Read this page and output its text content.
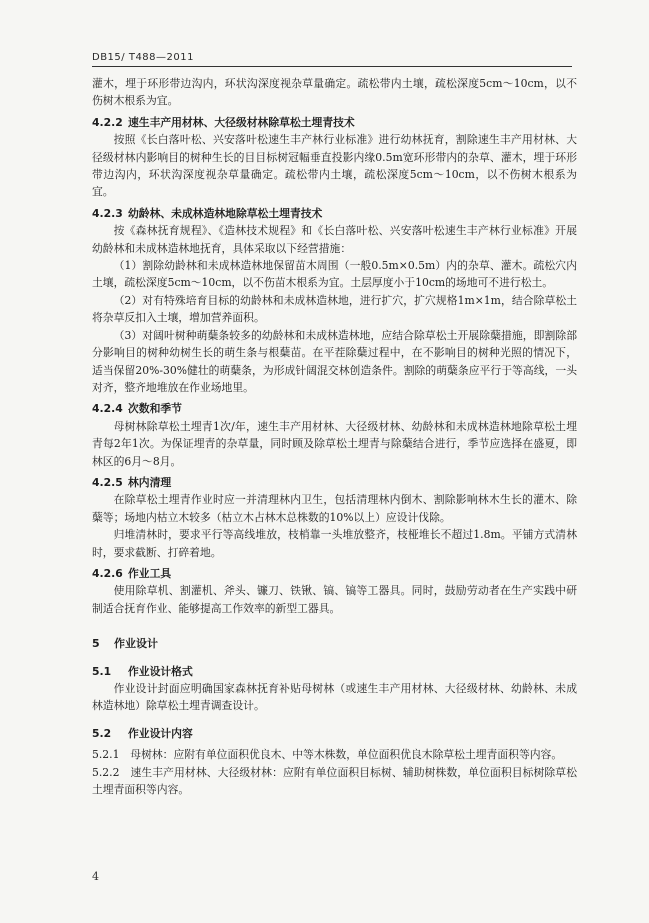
DB15/ T488—2011

灌木，埋于环形带边沟内，环状沟深度视杂草量确定。疏松带内土壤，疏松深度5cm～10cm，以不伤树木根系为宜。

4.2.2 速生丰产用材林、大径级材林除草松土埋青技术

按照《长白落叶松、兴安落叶松速生丰产林行业标准》进行幼林抚育，割除速生丰产用材林、大径级材林内影响目的树种生长的目目标树冠幅垂直投影内缘0.5m宽环形带内的杂草、灌木，埋于环形带边沟内，环状沟深度视杂草量确定。疏松带内土壤，疏松深度5cm～10cm，以不伤树木根系为宜。

4.2.3 幼龄林、未成林造林地除草松土埋青技术

按《森林抚育规程》、《造林技术规程》和《长白落叶松、兴安落叶松速生丰产林行业标准》开展幼龄林和未成林造林地抚育，具体采取以下经营措施：

（1）割除幼龄林和未成林造林地保留苗木周围（一般0.5m×0.5m）内的杂草、灌木。疏松穴内土壤，疏松深度5cm～10cm，以不伤苗木根系为宜。土层厚度小于10cm的场地可不进行松土。

（2）对有特殊培育目标的幼龄林和未成林造林地，进行扩穴，扩穴规格1m×1m，结合除草松土将杂草反扣入土壤，增加营养面积。

（3）对阔叶树种萌蘖条较多的幼龄林和未成林造林地，应结合除草松土开展除蘖措施，即割除部分影响目的树种幼树生长的萌生条与根蘖苗。在平茬除蘖过程中，在不影响目的树种光照的情况下，适当保留20%-30%健壮的萌蘖条，为形成针阔混交林创造条件。割除的萌蘖条应平行于等高线，一头对齐，整齐地堆放在作业场地里。

4.2.4 次数和季节

母树林除草松土埋青1次/年，速生丰产用材林、大径级材林、幼龄林和未成林造林地除草松土埋青每2年1次。为保证埋青的杂草量，同时顾及除草松土埋青与除蘖结合进行，季节应选择在盛夏，即林区的6月～8月。

4.2.5 林内清理

在除草松土埋青作业时应一并清理林内卫生，包括清理林内倒木、割除影响林木生长的灌木、除蘖等；场地内枯立木较多（枯立木占林木总株数的10%以上）应设计伐除。

归堆清林时，要求平行等高线堆放，枝梢靠一头堆放整齐，枝桠堆长不超过1.8m。平铺方式清林时，要求截断、打碎着地。

4.2.6 作业工具

使用除草机、割灌机、斧头、镰刀、铁锹、镐、镐等工器具。同时，鼓励劳动者在生产实践中研制适合抚育作业、能够提高工作效率的新型工器具。

5 作业设计
5.1 作业设计格式

作业设计封面应明确国家森林抚育补贴母树林（或速生丰产用材林、大径级材林、幼龄林、未成林造林地）除草松土埋青调查设计。

5.2 作业设计内容

5.2.1　母树林：应附有单位面积优良木、中等木株数，单位面积优良木除草松土埋青面积等内容。

5.2.2　速生丰产用材林、大径级材林：应附有单位面积目标树、辅助树株数，单位面积目标树除草松土埋青面积等内容。

4
